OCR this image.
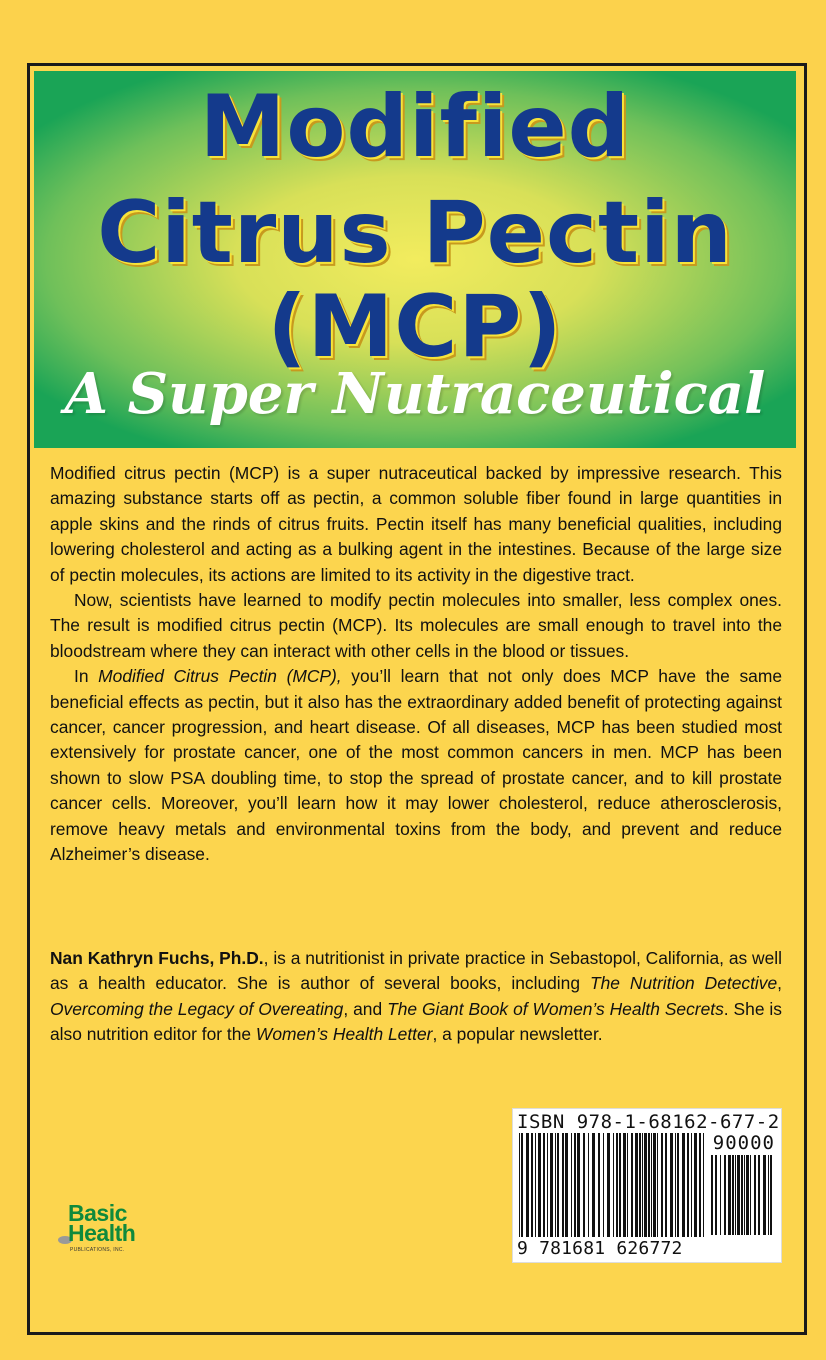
Modified
Citrus Pectin
(MCP)
A Super Nutraceutical

Modified citrus pectin (MCP) is a super nutraceutical backed by impressive research. This amazing substance starts off as pectin, a common soluble fiber found in large quantities in apple skins and the rinds of citrus fruits. Pectin itself has many beneficial qualities, including lowering cholesterol and acting as a bulking agent in the intestines. Because of the large size of pectin molecules, its actions are limited to its activity in the digestive tract.

Now, scientists have learned to modify pectin molecules into smaller, less complex ones. The result is modified citrus pectin (MCP). Its molecules are small enough to travel into the bloodstream where they can interact with other cells in the blood or tissues.

In Modified Citrus Pectin (MCP), you’ll learn that not only does MCP have the same beneficial effects as pectin, but it also has the extraordinary added benefit of protecting against cancer, cancer progression, and heart disease. Of all diseases, MCP has been studied most extensively for prostate cancer, one of the most common cancers in men. MCP has been shown to slow PSA doubling time, to stop the spread of prostate cancer, and to kill prostate cancer cells. Moreover, you’ll learn how it may lower cholesterol, reduce atherosclerosis, remove heavy metals and environmental toxins from the body, and prevent and reduce Alzheimer’s disease.

Nan Kathryn Fuchs, Ph.D., is a nutritionist in private practice in Sebastopol, California, as well as a health educator. She is author of several books, including The Nutrition Detective, Overcoming the Legacy of Overeating, and The Giant Book of Women’s Health Secrets. She is also nutrition editor for the Women’s Health Letter, a popular newsletter.

ISBN 978-1-68162-677-2
90000
9 781681 626772
Basic
Health
PUBLICATIONS, INC.
